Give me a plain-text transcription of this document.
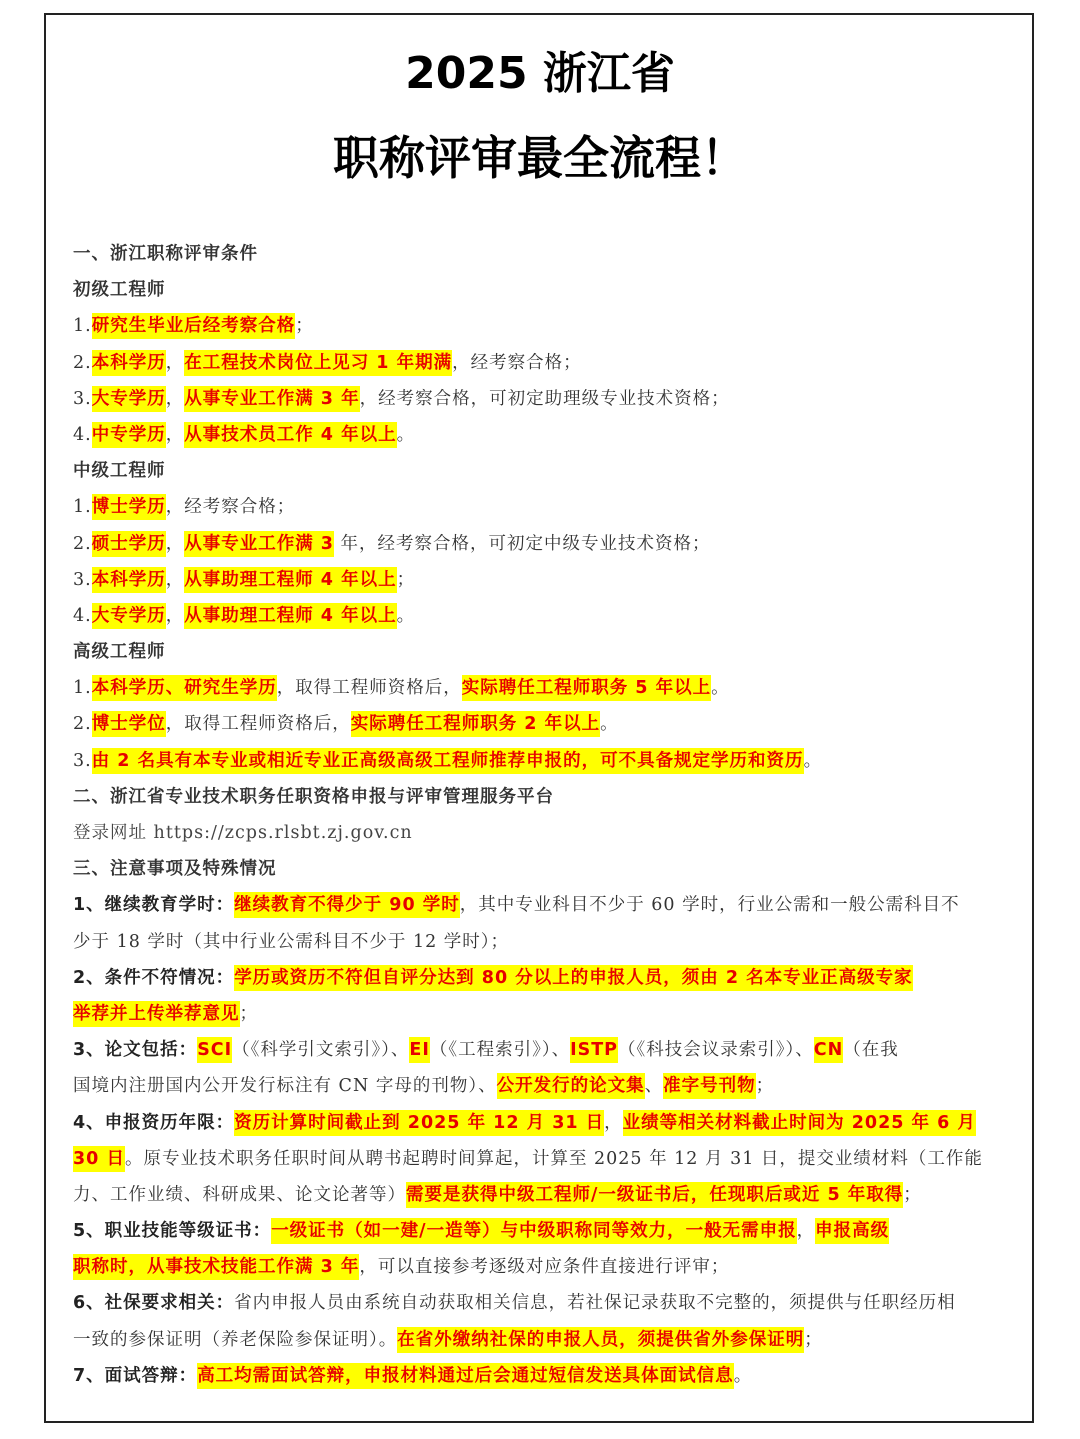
2025 浙江省
职称评审最全流程！
一、浙江职称评审条件
初级工程师
1.研究生毕业后经考察合格；
2.本科学历，在工程技术岗位上见习 1 年期满，经考察合格；
3.大专学历，从事专业工作满 3 年，经考察合格，可初定助理级专业技术资格；
4.中专学历，从事技术员工作 4 年以上。
中级工程师
1.博士学历，经考察合格；
2.硕士学历，从事专业工作满 3 年，经考察合格，可初定中级专业技术资格；
3.本科学历，从事助理工程师 4 年以上；
4.大专学历，从事助理工程师 4 年以上。
高级工程师
1.本科学历、研究生学历，取得工程师资格后，实际聘任工程师职务 5 年以上。
2.博士学位，取得工程师资格后，实际聘任工程师职务 2 年以上。
3.由 2 名具有本专业或相近专业正高级高级工程师推荐申报的，可不具备规定学历和资历。
二、浙江省专业技术职务任职资格申报与评审管理服务平台
登录网址 https://zcps.rlsbt.zj.gov.cn
三、注意事项及特殊情况
1、继续教育学时：继续教育不得少于 90 学时，其中专业科目不少于 60 学时，行业公需和一般公需科目不
少于 18 学时（其中行业公需科目不少于 12 学时）；
2、条件不符情况：学历或资历不符但自评分达到 80 分以上的申报人员，须由 2 名本专业正高级专家
举荐并上传举荐意见；
3、论文包括：SCI（《科学引文索引》）、EI（《工程索引》）、ISTP（《科技会议录索引》）、CN（在我
国境内注册国内公开发行标注有 CN 字母的刊物）、公开发行的论文集、准字号刊物；
4、申报资历年限：资历计算时间截止到 2025 年 12 月 31 日，业绩等相关材料截止时间为 2025 年 6 月
30 日。原专业技术职务任职时间从聘书起聘时间算起，计算至 2025 年 12 月 31 日，提交业绩材料（工作能
力、工作业绩、科研成果、论文论著等）需要是获得中级工程师/一级证书后，任现职后或近 5 年取得；
5、职业技能等级证书：一级证书（如一建/一造等）与中级职称同等效力，一般无需申报，申报高级
职称时，从事技术技能工作满 3 年，可以直接参考逐级对应条件直接进行评审；
6、社保要求相关：省内申报人员由系统自动获取相关信息，若社保记录获取不完整的，须提供与任职经历相
一致的参保证明（养老保险参保证明）。在省外缴纳社保的申报人员，须提供省外参保证明；
7、面试答辩：高工均需面试答辩，申报材料通过后会通过短信发送具体面试信息。
